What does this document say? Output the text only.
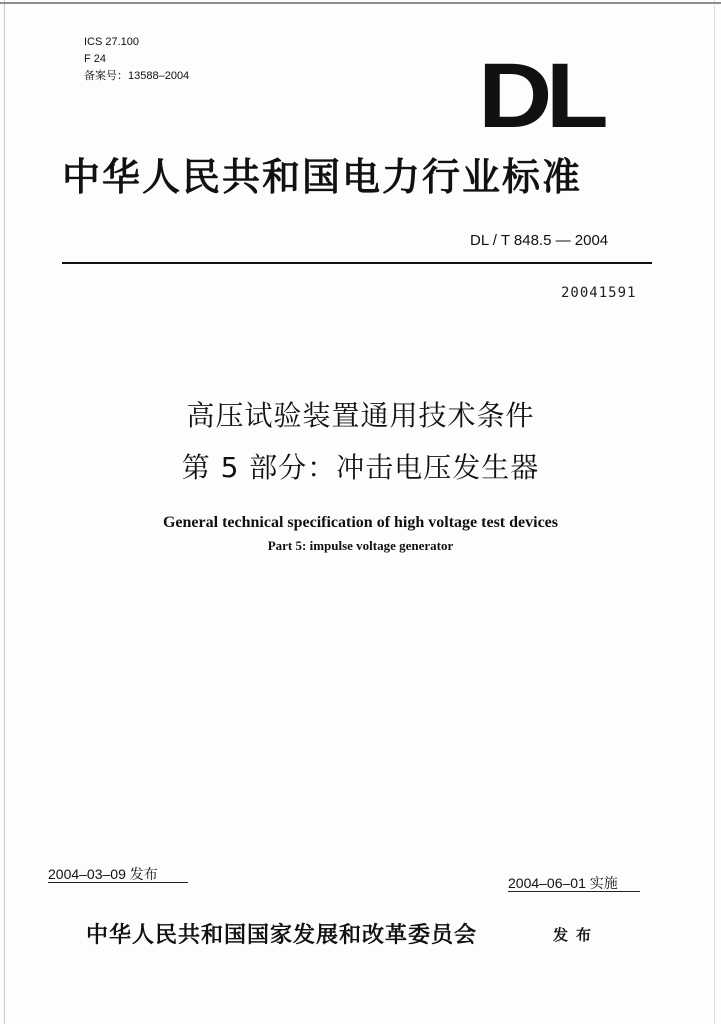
ICS 27.100
F 24
备案号：13588–2004	DL
中华人民共和国电力行业标准
DL / T 848.5 — 2004
20041591
高压试验装置通用技术条件
第 5 部分：冲击电压发生器
General technical specification of high voltage test devices
Part 5: impulse voltage generator
2004–03–09 发布
2004–06–01 实施
中华人民共和国国家发展和改革委员会	发布
